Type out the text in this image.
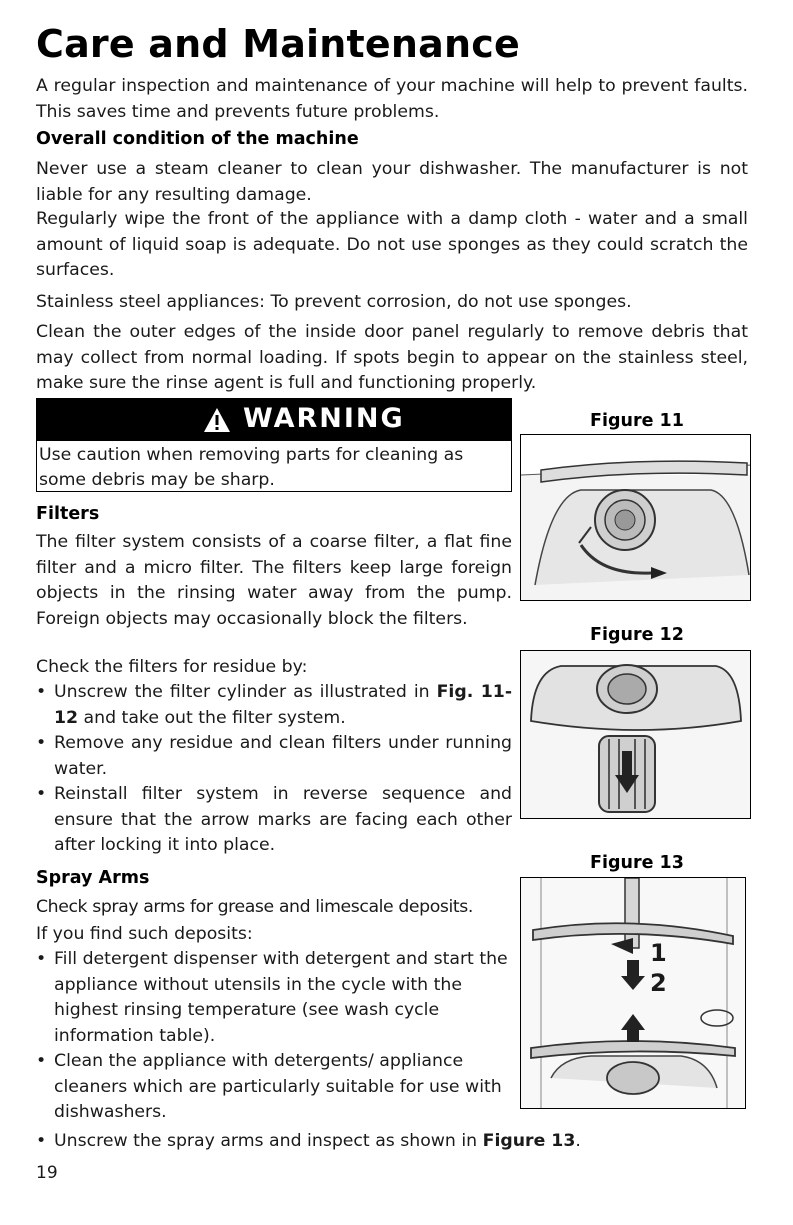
Care and Maintenance

A regular inspection and maintenance of your machine will help to prevent faults. This saves time and prevents future problems.

Overall condition of the machine

Never use a steam cleaner to clean your dishwasher. The manufacturer is not liable for any resulting damage.

Regularly wipe the front of the appliance with a damp cloth - water and a small amount of liquid soap is adequate. Do not use sponges as they could scratch the surfaces.

Stainless steel appliances: To prevent corrosion, do not use sponges.

Clean the outer edges of the inside door panel regularly to remove debris that may collect from normal loading. If spots begin to appear on the stainless steel, make sure the rinse agent is full and functioning properly.

WARNING

Use caution when removing parts for cleaning as some debris may be sharp.

Filters

The filter system consists of a coarse filter, a flat fine filter and a micro filter. The filters keep large foreign objects in the rinsing water away from the pump. Foreign objects may occasionally block the filters.

Check the filters for residue by:

• Unscrew the filter cylinder as illustrated in Fig. 11-12 and take out the filter system.
• Remove any residue and clean filters under running water.
• Reinstall filter system in reverse sequence and ensure that the arrow marks are facing each other after locking it into place.

Spray Arms

Check spray arms for grease and limescale deposits.

If you find such deposits:

• Fill detergent dispenser with detergent and start the appliance without utensils in the cycle with the highest rinsing temperature (see wash cycle information table).
• Clean the appliance with detergents/ appliance cleaners which are particularly suitable for use with dishwashers.
• Unscrew the spray arms and inspect as shown in Figure 13.

19

Figure 11

Figure 12

Figure 13

1
2
